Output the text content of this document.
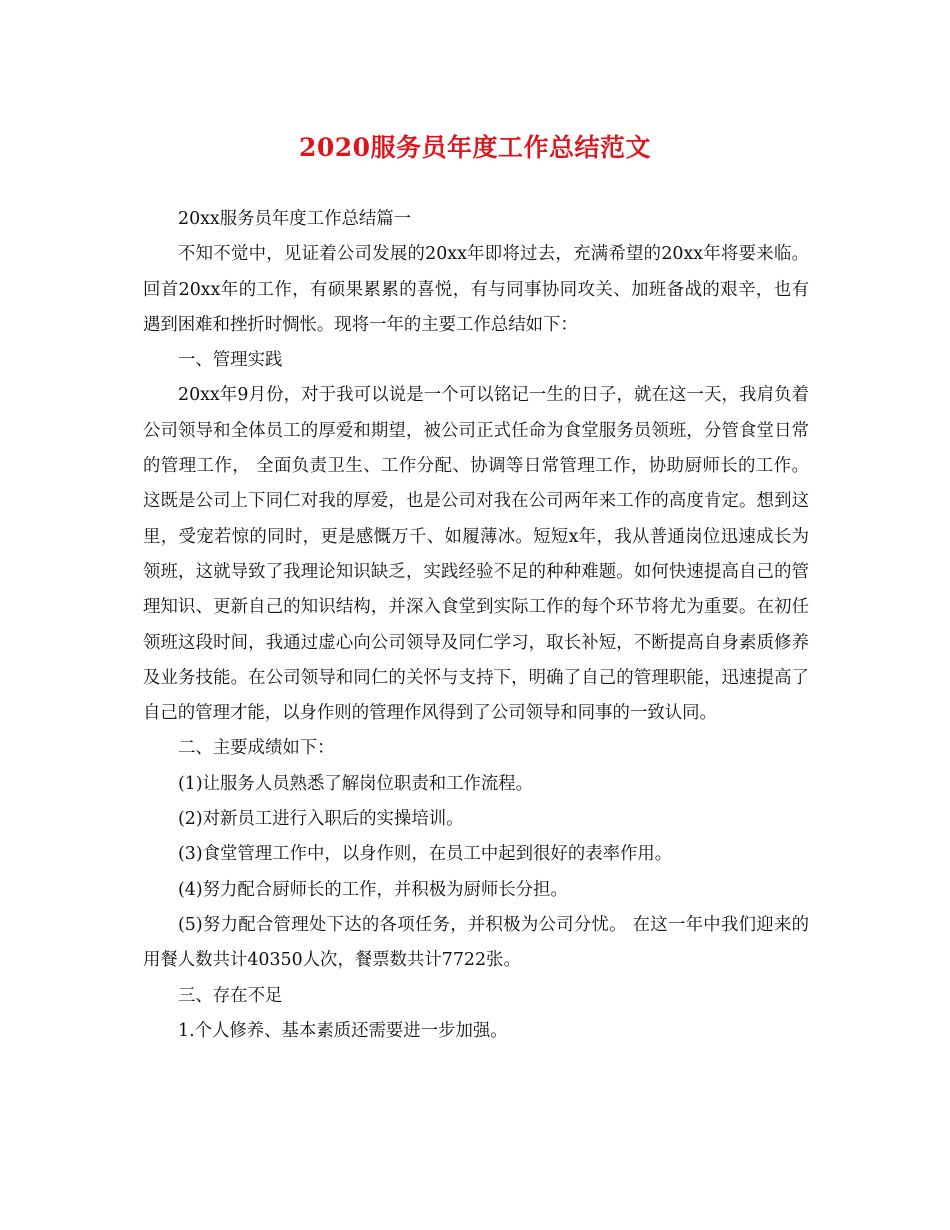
2020服务员年度工作总结范文

20xx服务员年度工作总结篇一

不知不觉中，见证着公司发展的20xx年即将过去，充满希望的20xx年将要来临。回首20xx年的工作，有硕果累累的喜悦，有与同事协同攻关、加班备战的艰辛，也有遇到困难和挫折时惆怅。现将一年的主要工作总结如下：

一、管理实践

20xx年9月份，对于我可以说是一个可以铭记一生的日子，就在这一天，我肩负着公司领导和全体员工的厚爱和期望，被公司正式任命为食堂服务员领班，分管食堂日常的管理工作， 全面负责卫生、工作分配、协调等日常管理工作，协助厨师长的工作。这既是公司上下同仁对我的厚爱，也是公司对我在公司两年来工作的高度肯定。想到这里，受宠若惊的同时，更是感慨万千、如履薄冰。短短x年，我从普通岗位迅速成长为领班，这就导致了我理论知识缺乏，实践经验不足的种种难题。如何快速提高自己的管理知识、更新自己的知识结构，并深入食堂到实际工作的每个环节将尤为重要。在初任领班这段时间，我通过虚心向公司领导及同仁学习，取长补短，不断提高自身素质修养及业务技能。在公司领导和同仁的关怀与支持下，明确了自己的管理职能，迅速提高了自己的管理才能，以身作则的管理作风得到了公司领导和同事的一致认同。

二、主要成绩如下：

(1)让服务人员熟悉了解岗位职责和工作流程。

(2)对新员工进行入职后的实操培训。

(3)食堂管理工作中，以身作则，在员工中起到很好的表率作用。

(4)努力配合厨师长的工作，并积极为厨师长分担。

(5)努力配合管理处下达的各项任务，并积极为公司分忧。 在这一年中我们迎来的用餐人数共计40350人次，餐票数共计7722张。

三、存在不足

1.个人修养、基本素质还需要进一步加强。
